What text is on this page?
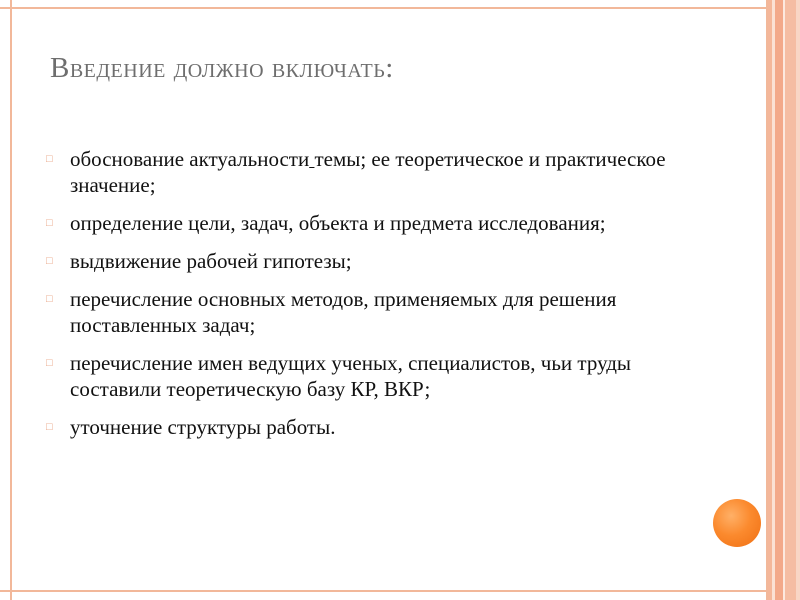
Введение должно включать:
□ обоснование актуальности темы; ее теоретическое и практическое значение;
□ определение цели, задач, объекта и предмета исследования;
□ выдвижение рабочей гипотезы;
□ перечисление основных методов, применяемых для решения поставленных задач;
□ перечисление имен ведущих ученых, специалистов, чьи труды составили теоретическую базу КР, ВКР;
□ уточнение структуры работы.
